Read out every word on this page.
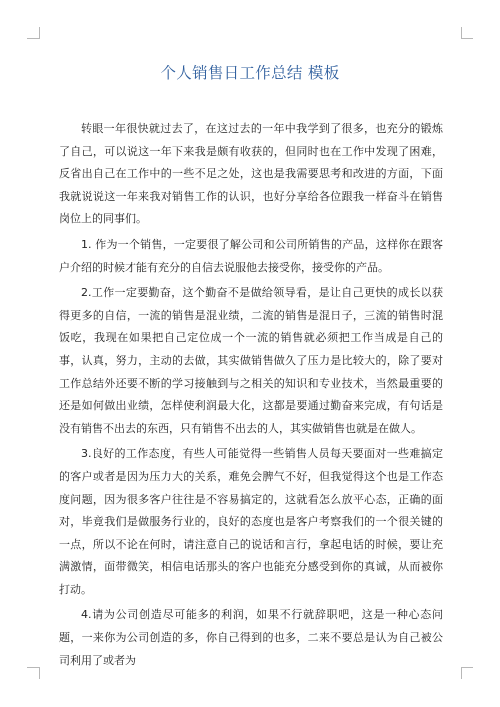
个人销售日工作总结 模板

转眼一年很快就过去了，在这过去的一年中我学到了很多，也充分的锻炼了自己，可以说这一年下来我是颇有收获的，但同时也在工作中发现了困难，反省出自己在工作中的一些不足之处，这也是我需要思考和改进的方面，下面我就说说这一年来我对销售工作的认识，也好分享给各位跟我一样奋斗在销售岗位上的同事们。

1. 作为一个销售，一定要很了解公司和公司所销售的产品，这样你在跟客户介绍的时候才能有充分的自信去说服他去接受你，接受你的产品。

2.工作一定要勤奋，这个勤奋不是做给领导看，是让自己更快的成长以获得更多的自信，一流的销售是混业绩，二流的销售是混日子，三流的销售时混饭吃，我现在如果把自己定位成一个一流的销售就必须把工作当成是自己的事，认真，努力，主动的去做，其实做销售做久了压力是比较大的，除了要对工作总结外还要不断的学习接触到与之相关的知识和专业技术，当然最重要的还是如何做出业绩，怎样使利润最大化，这都是要通过勤奋来完成，有句话是没有销售不出去的东西，只有销售不出去的人，其实做销售也就是在做人。

3.良好的工作态度，有些人可能觉得一些销售人员每天要面对一些难搞定的客户或者是因为压力大的关系，难免会脾气不好，但我觉得这个也是工作态度问题，因为很多客户往往是不容易搞定的，这就看怎么放平心态，正确的面对，毕竟我们是做服务行业的，良好的态度也是客户考察我们的一个很关键的一点，所以不论在何时，请注意自己的说话和言行，拿起电话的时候，要让充满激情，面带微笑，相信电话那头的客户也能充分感受到你的真诚，从而被你打动。

4.请为公司创造尽可能多的利润，如果不行就辞职吧，这是一种心态问题，一来你为公司创造的多，你自己得到的也多，二来不要总是认为自己被公司利用了或者为
